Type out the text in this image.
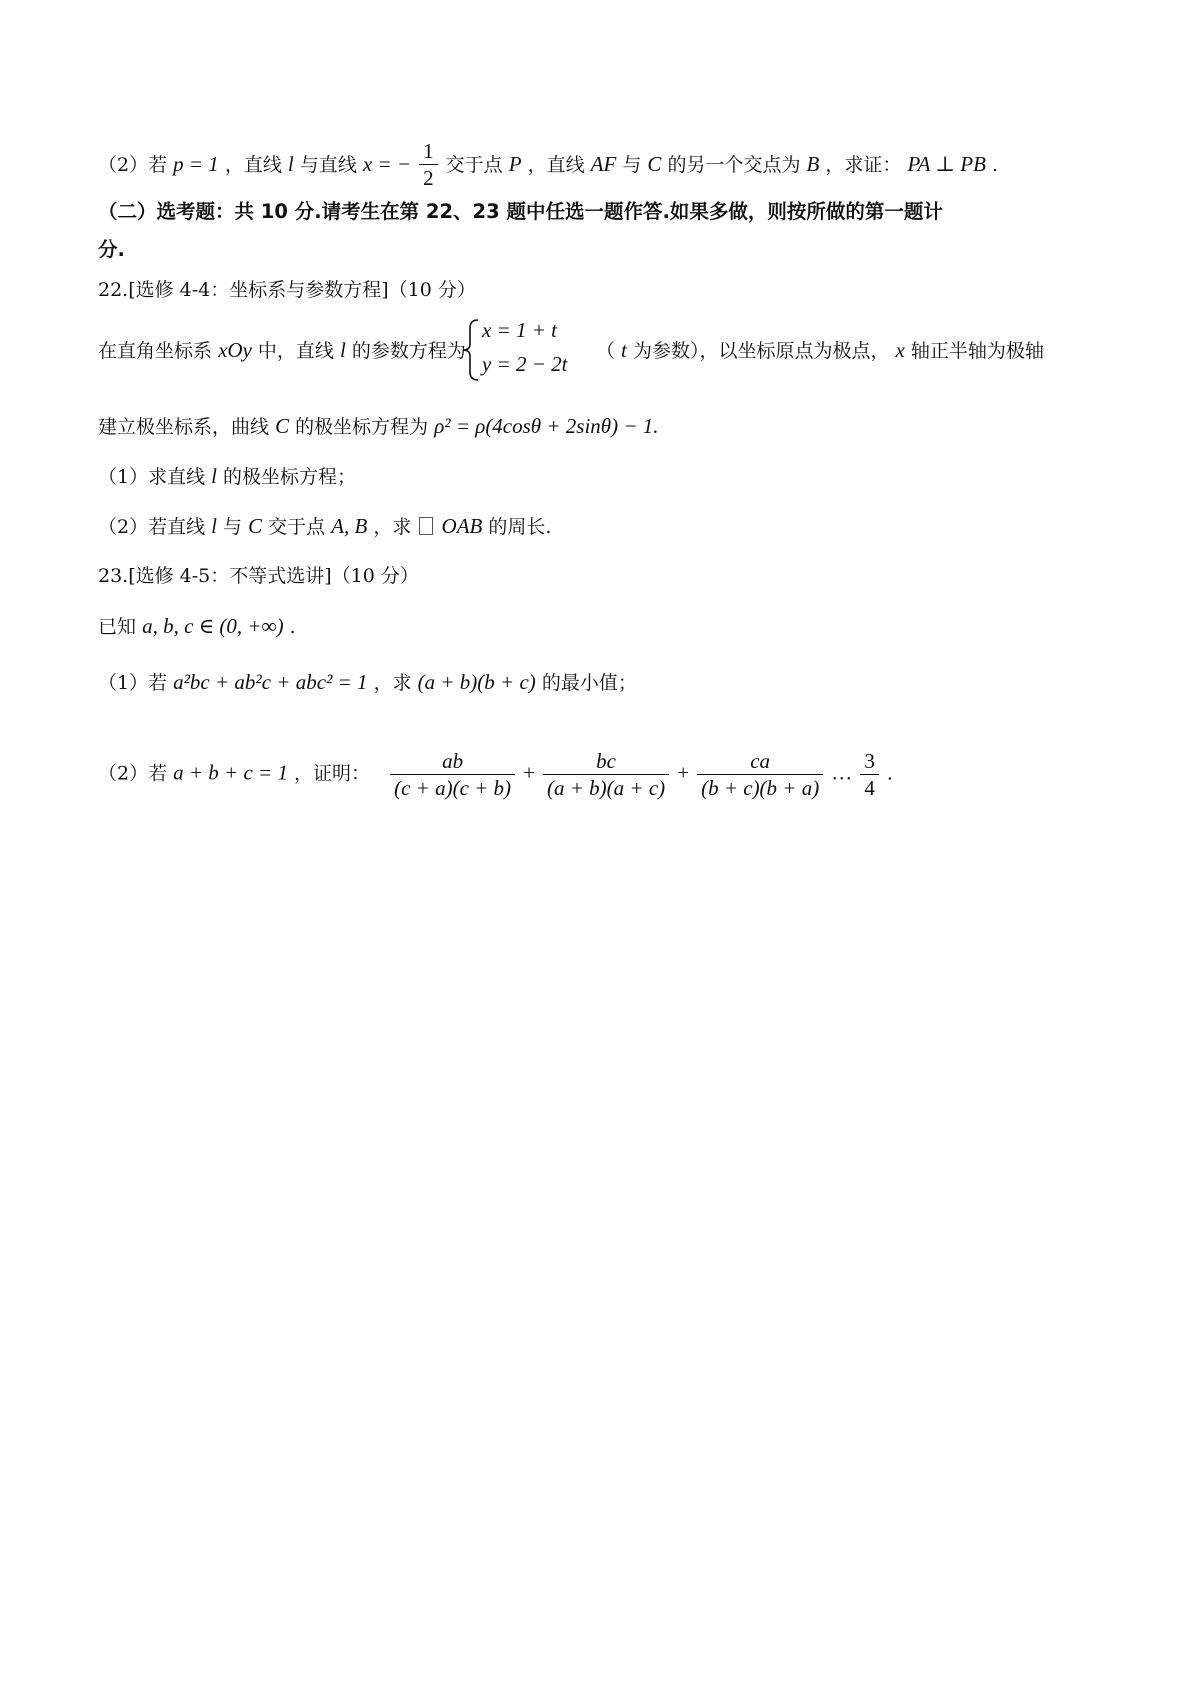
（2）若 p = 1 ，直线 l 与直线 x = − $\frac{1}{2}$ 交于点 P ，直线 AF 与 C 的另一个交点为 B ，求证： PA ⊥ PB .
（二）选考题：共 10 分.请考生在第 22、23 题中任选一题作答.如果多做，则按所做的第一题计
分.
22.[选修 4-4：坐标系与参数方程]（10 分）
在直角坐标系 xOy 中，直线 l 的参数方程为	（ t 为参数），以坐标原点为极点， x 轴正半轴为极轴
x = 1 + t
y = 2 − 2t
建立极坐标系，曲线 C 的极坐标方程为 ρ² = ρ(4cosθ + 2sinθ) − 1.
（1）求直线 l 的极坐标方程；
（2）若直线 l 与 C 交于点 A, B ，求 OAB 的周长.
23.[选修 4-5：不等式选讲]（10 分）
已知 a, b, c ∈ (0, +∞) .
（1）若 a²bc + ab²c + abc² = 1 ，求 (a + b)(b + c) 的最小值；
（2）若 a + b + c = 1 ，证明： $\frac{ab}{(c + a)(c + b)} + \frac{bc}{(a + b)(a + c)} + \frac{ca}{(b + c)(b + a)}$ … $\frac{3}{4}$ .
